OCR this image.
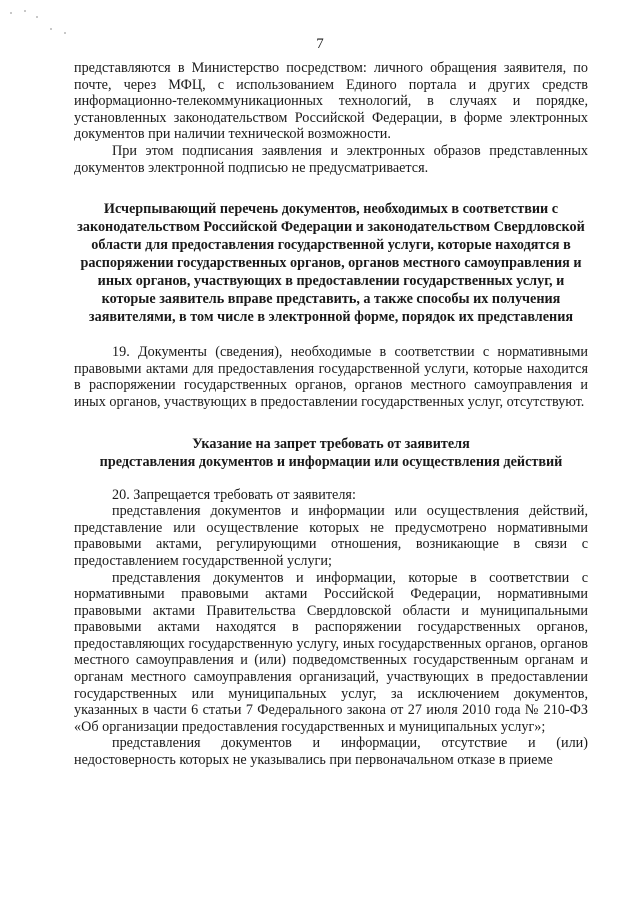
7

представляются в Министерство посредством: личного обращения заявителя, по почте, через МФЦ, с использованием Единого портала и других средств информационно-телекоммуникационных технологий, в случаях и порядке, установленных законодательством Российской Федерации, в форме электронных документов при наличии технической возможности.

При этом подписания заявления и электронных образов представленных документов электронной подписью не предусматривается.

Исчерпывающий перечень документов, необходимых в соответствии с законодательством Российской Федерации и законодательством Свердловской области для предоставления государственной услуги, которые находятся в распоряжении государственных органов, органов местного самоуправления и иных органов, участвующих в предоставлении государственных услуг, и которые заявитель вправе представить, а также способы их получения заявителями, в том числе в электронной форме, порядок их представления

19. Документы (сведения), необходимые в соответствии с нормативными правовыми актами для предоставления государственной услуги, которые находится в распоряжении государственных органов, органов местного самоуправления и иных органов, участвующих в предоставлении государственных услуг, отсутствуют.

Указание на запрет требовать от заявителя

представления документов и информации или осуществления действий

20. Запрещается требовать от заявителя:

представления документов и информации или осуществления действий, представление или осуществление которых не предусмотрено нормативными правовыми актами, регулирующими отношения, возникающие в связи с предоставлением государственной услуги;

представления документов и информации, которые в соответствии с нормативными правовыми актами Российской Федерации, нормативными правовыми актами Правительства Свердловской области и муниципальными правовыми актами находятся в распоряжении государственных органов, предоставляющих государственную услугу, иных государственных органов, органов местного самоуправления и (или) подведомственных государственным органам и органам местного самоуправления организаций, участвующих в предоставлении государственных или муниципальных услуг, за исключением документов, указанных в части 6 статьи 7 Федерального закона от 27 июля 2010 года № 210-ФЗ «Об организации предоставления государственных и муниципальных услуг»;

представления документов и информации, отсутствие и (или) недостоверность которых не указывались при первоначальном отказе в приеме
